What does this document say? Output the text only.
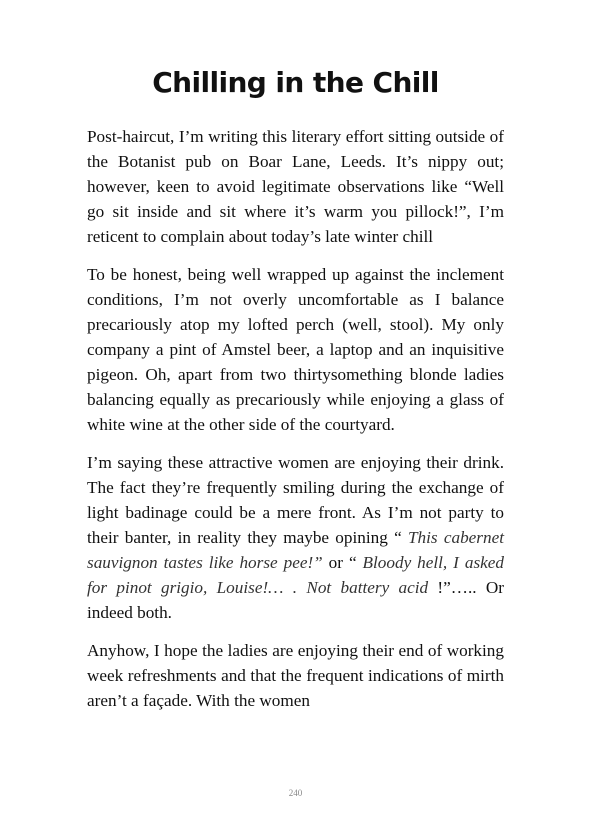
Chilling in the Chill

Post-haircut, I’m writing this literary effort sitting outside of the Botanist pub on Boar Lane, Leeds. It’s nippy out; however, keen to avoid legitimate observations like “Well go sit inside and sit where it’s warm you pillock!”, I’m reticent to complain about today’s late winter chill

To be honest, being well wrapped up against the inclement conditions, I’m not overly uncomfortable as I balance precariously atop my lofted perch (well, stool). My only company a pint of Amstel beer, a laptop and an inquisitive pigeon. Oh, apart from two thirtysomething blonde ladies balancing equally as precariously while enjoying a glass of white wine at the other side of the courtyard.

I’m saying these attractive women are enjoying their drink. The fact they’re frequently smiling during the exchange of light badinage could be a mere front. As I’m not party to their banter, in reality they maybe opining “ This cabernet sauvignon tastes like horse pee!” or “ Bloody hell, I asked for pinot grigio, Louise!… . Not battery acid !”….. Or indeed both.

Anyhow, I hope the ladies are enjoying their end of working week refreshments and that the frequent indications of mirth aren’t a façade. With the women

240
